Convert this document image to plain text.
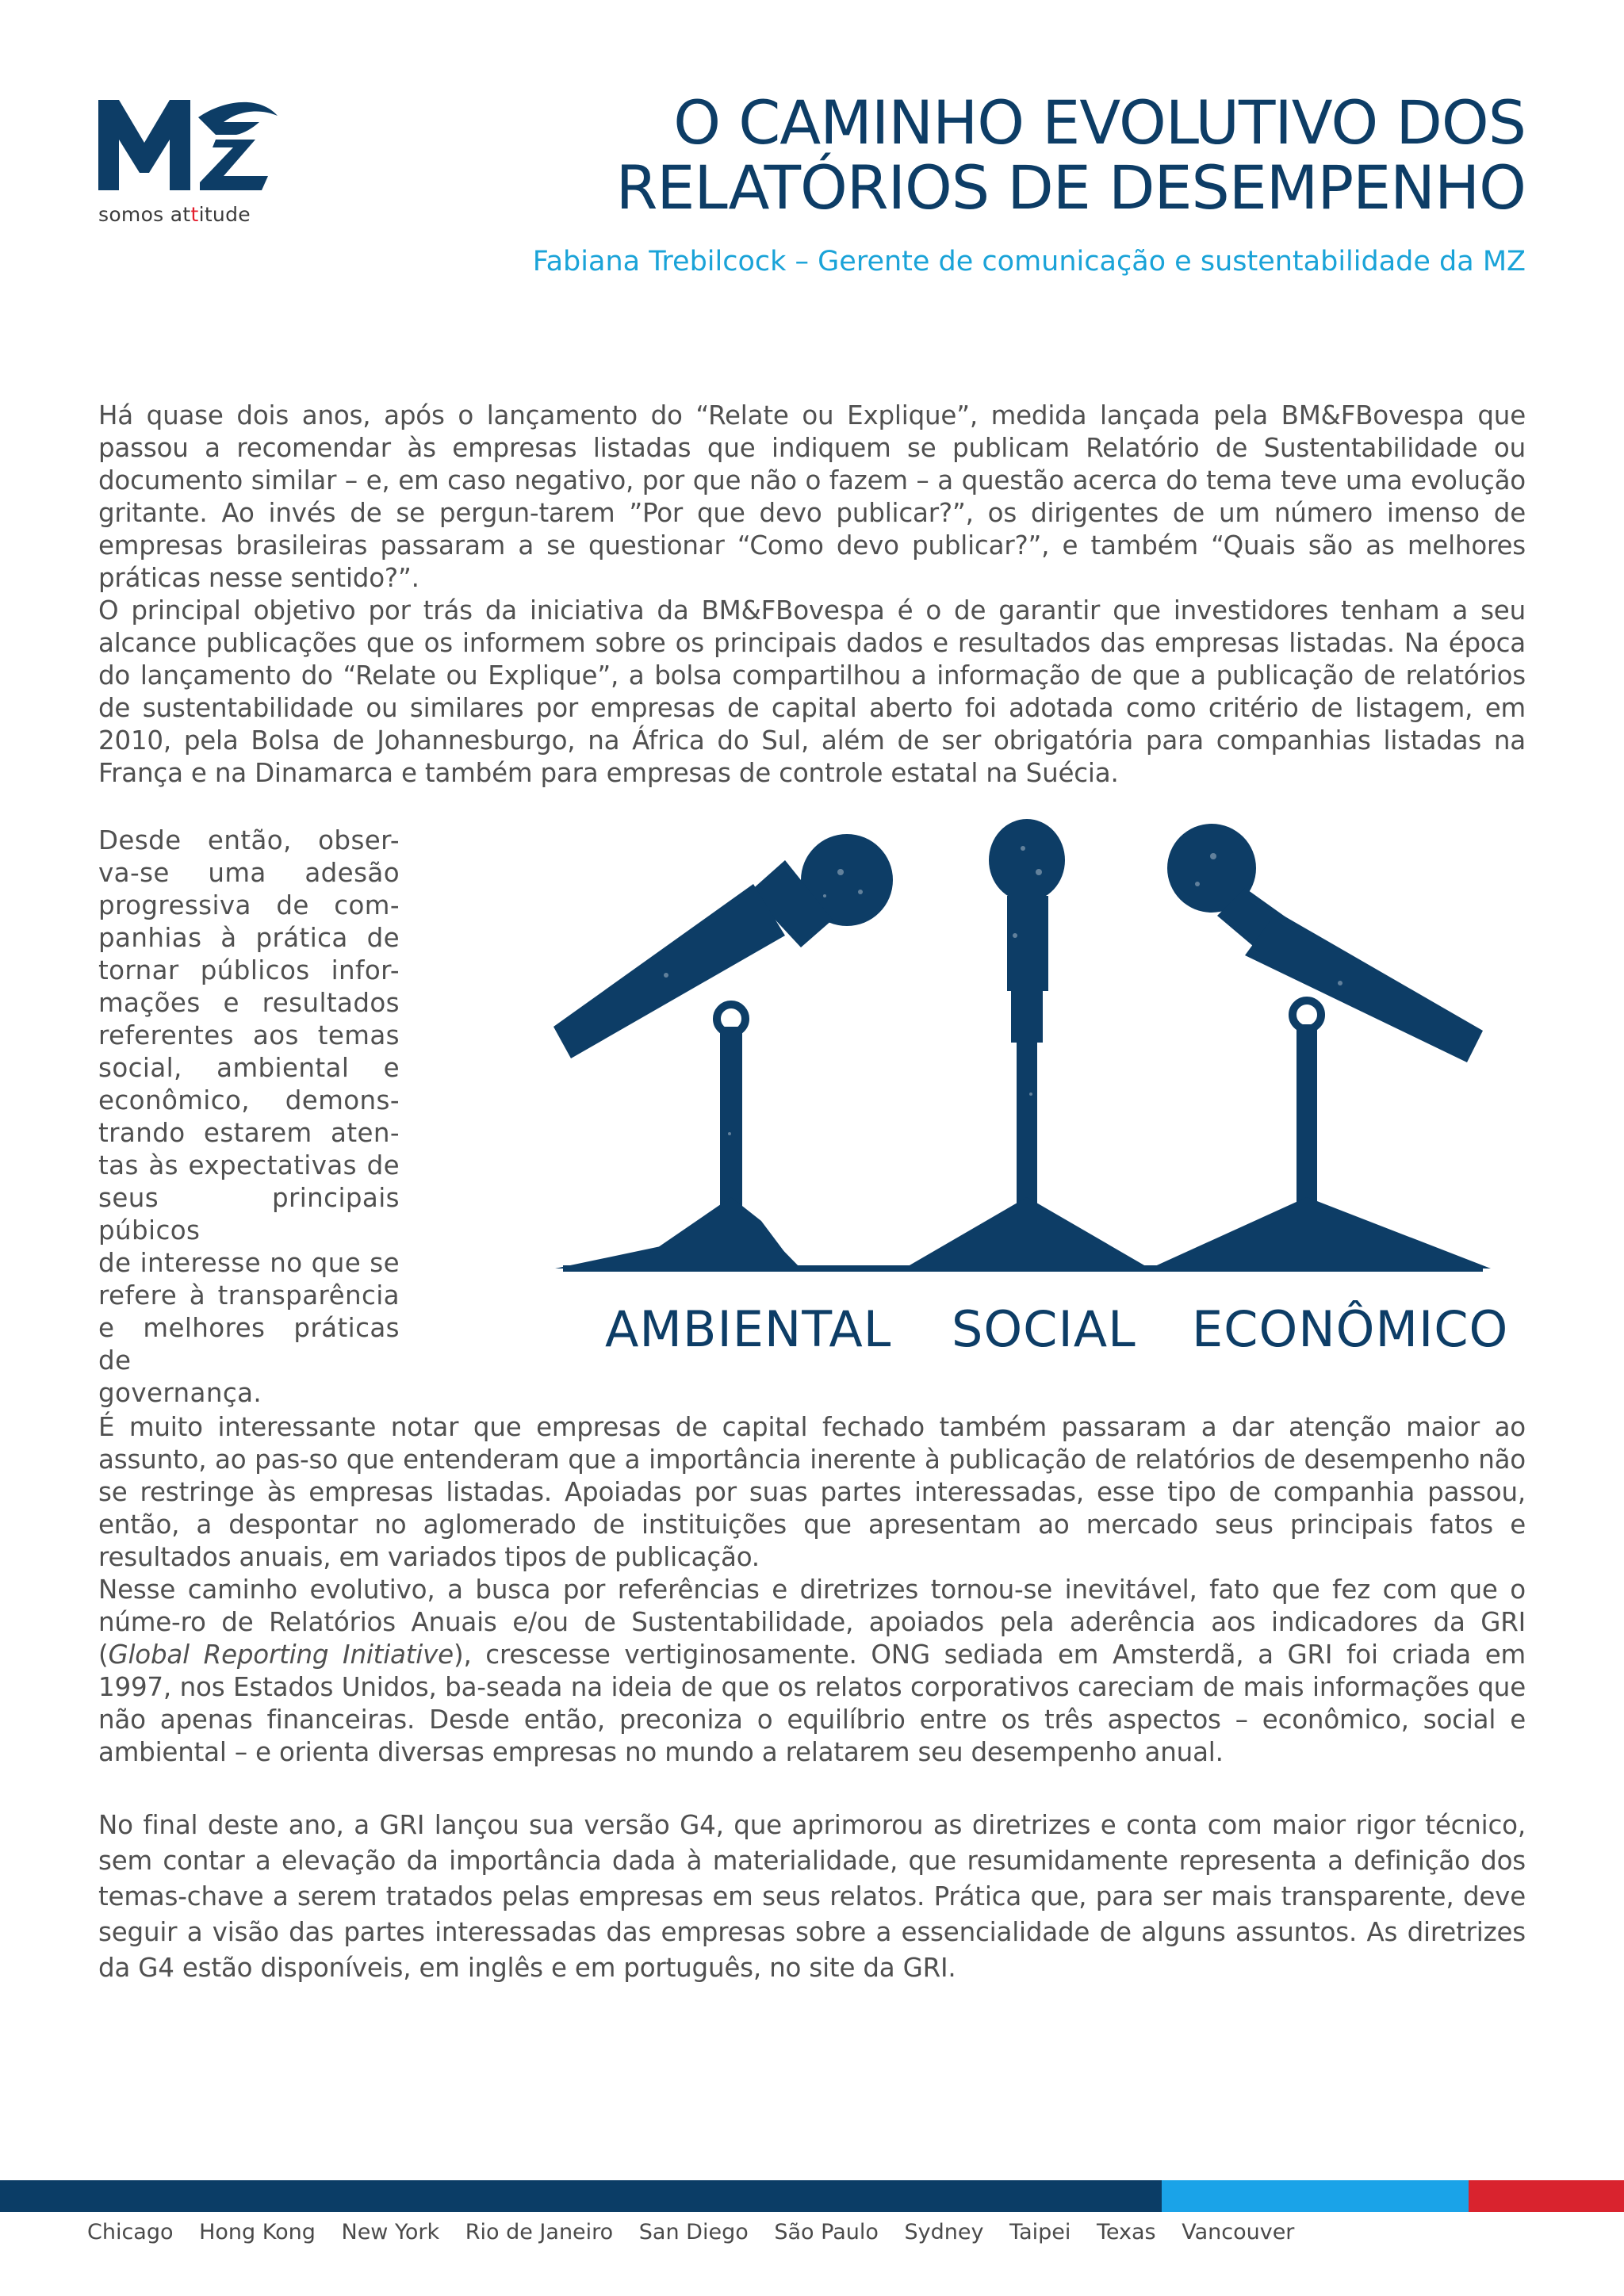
somos attitude
O CAMINHO EVOLUTIVO DOS
RELATÓRIOS DE DESEMPENHO
Fabiana Trebilcock – Gerente de comunicação e sustentabilidade da MZ

Há quase dois anos, após o lançamento do “Relate ou Explique”, medida lançada pela BM&FBovespa que passou a recomendar às empresas listadas que indiquem se publicam Relatório de Sustentabilidade ou documento similar – e, em caso negativo, por que não o fazem – a questão acerca do tema teve uma evolução gritante. Ao invés de se pergun-tarem ”Por que devo publicar?”, os dirigentes de um número imenso de empresas brasileiras passaram a se questionar “Como devo publicar?”, e também “Quais são as melhores práticas nesse sentido?”.

O principal objetivo por trás da iniciativa da BM&FBovespa é o de garantir que investidores tenham a seu alcance publicações que os informem sobre os principais dados e resultados das empresas listadas. Na época do lançamento do “Relate ou Explique”, a bolsa compartilhou a informação de que a publicação de relatórios de sustentabilidade ou similares por empresas de capital aberto foi adotada como critério de listagem, em 2010, pela Bolsa de Johannesburgo, na África do Sul, além de ser obrigatória para companhias listadas na França e na Dinamarca e também para empresas de controle estatal na Suécia.

Desde então, obser-
va-se uma adesão
progressiva de com-
panhias à prática de
tornar públicos infor-
mações e resultados
referentes aos temas
social, ambiental e
econômico, demons-
trando estarem aten-
tas às expectativas de
seus principais púbicos
de interesse no que se
refere à transparência
e melhores práticas de
governança.
AMBIENTAL SOCIAL ECONÔMICO

É muito interessante notar que empresas de capital fechado também passaram a dar atenção maior ao assunto, ao pas-so que entenderam que a importância inerente à publicação de relatórios de desempenho não se restringe às empresas listadas. Apoiadas por suas partes interessadas, esse tipo de companhia passou, então, a despontar no aglomerado de instituições que apresentam ao mercado seus principais fatos e resultados anuais, em variados tipos de publicação.

Nesse caminho evolutivo, a busca por referências e diretrizes tornou-se inevitável, fato que fez com que o núme-ro de Relatórios Anuais e/ou de Sustentabilidade, apoiados pela aderência aos indicadores da GRI (Global Reporting Initiative), crescesse vertiginosamente. ONG sediada em Amsterdã, a GRI foi criada em 1997, nos Estados Unidos, ba-seada na ideia de que os relatos corporativos careciam de mais informações que não apenas financeiras. Desde então, preconiza o equilíbrio entre os três aspectos – econômico, social e ambiental – e orienta diversas empresas no mundo a relatarem seu desempenho anual.

No final deste ano, a GRI lançou sua versão G4, que aprimorou as diretrizes e conta com maior rigor técnico, sem contar a elevação da importância dada à materialidade, que resumidamente representa a definição dos temas-chave a serem tratados pelas empresas em seus relatos. Prática que, para ser mais transparente, deve seguir a visão das partes interessadas das empresas sobre a essencialidade de alguns assuntos. As diretrizes da G4 estão disponíveis, em inglês e em português, no site da GRI.

Chicago Hong Kong New York Rio de Janeiro San Diego São Paulo Sydney Taipei Texas Vancouver
